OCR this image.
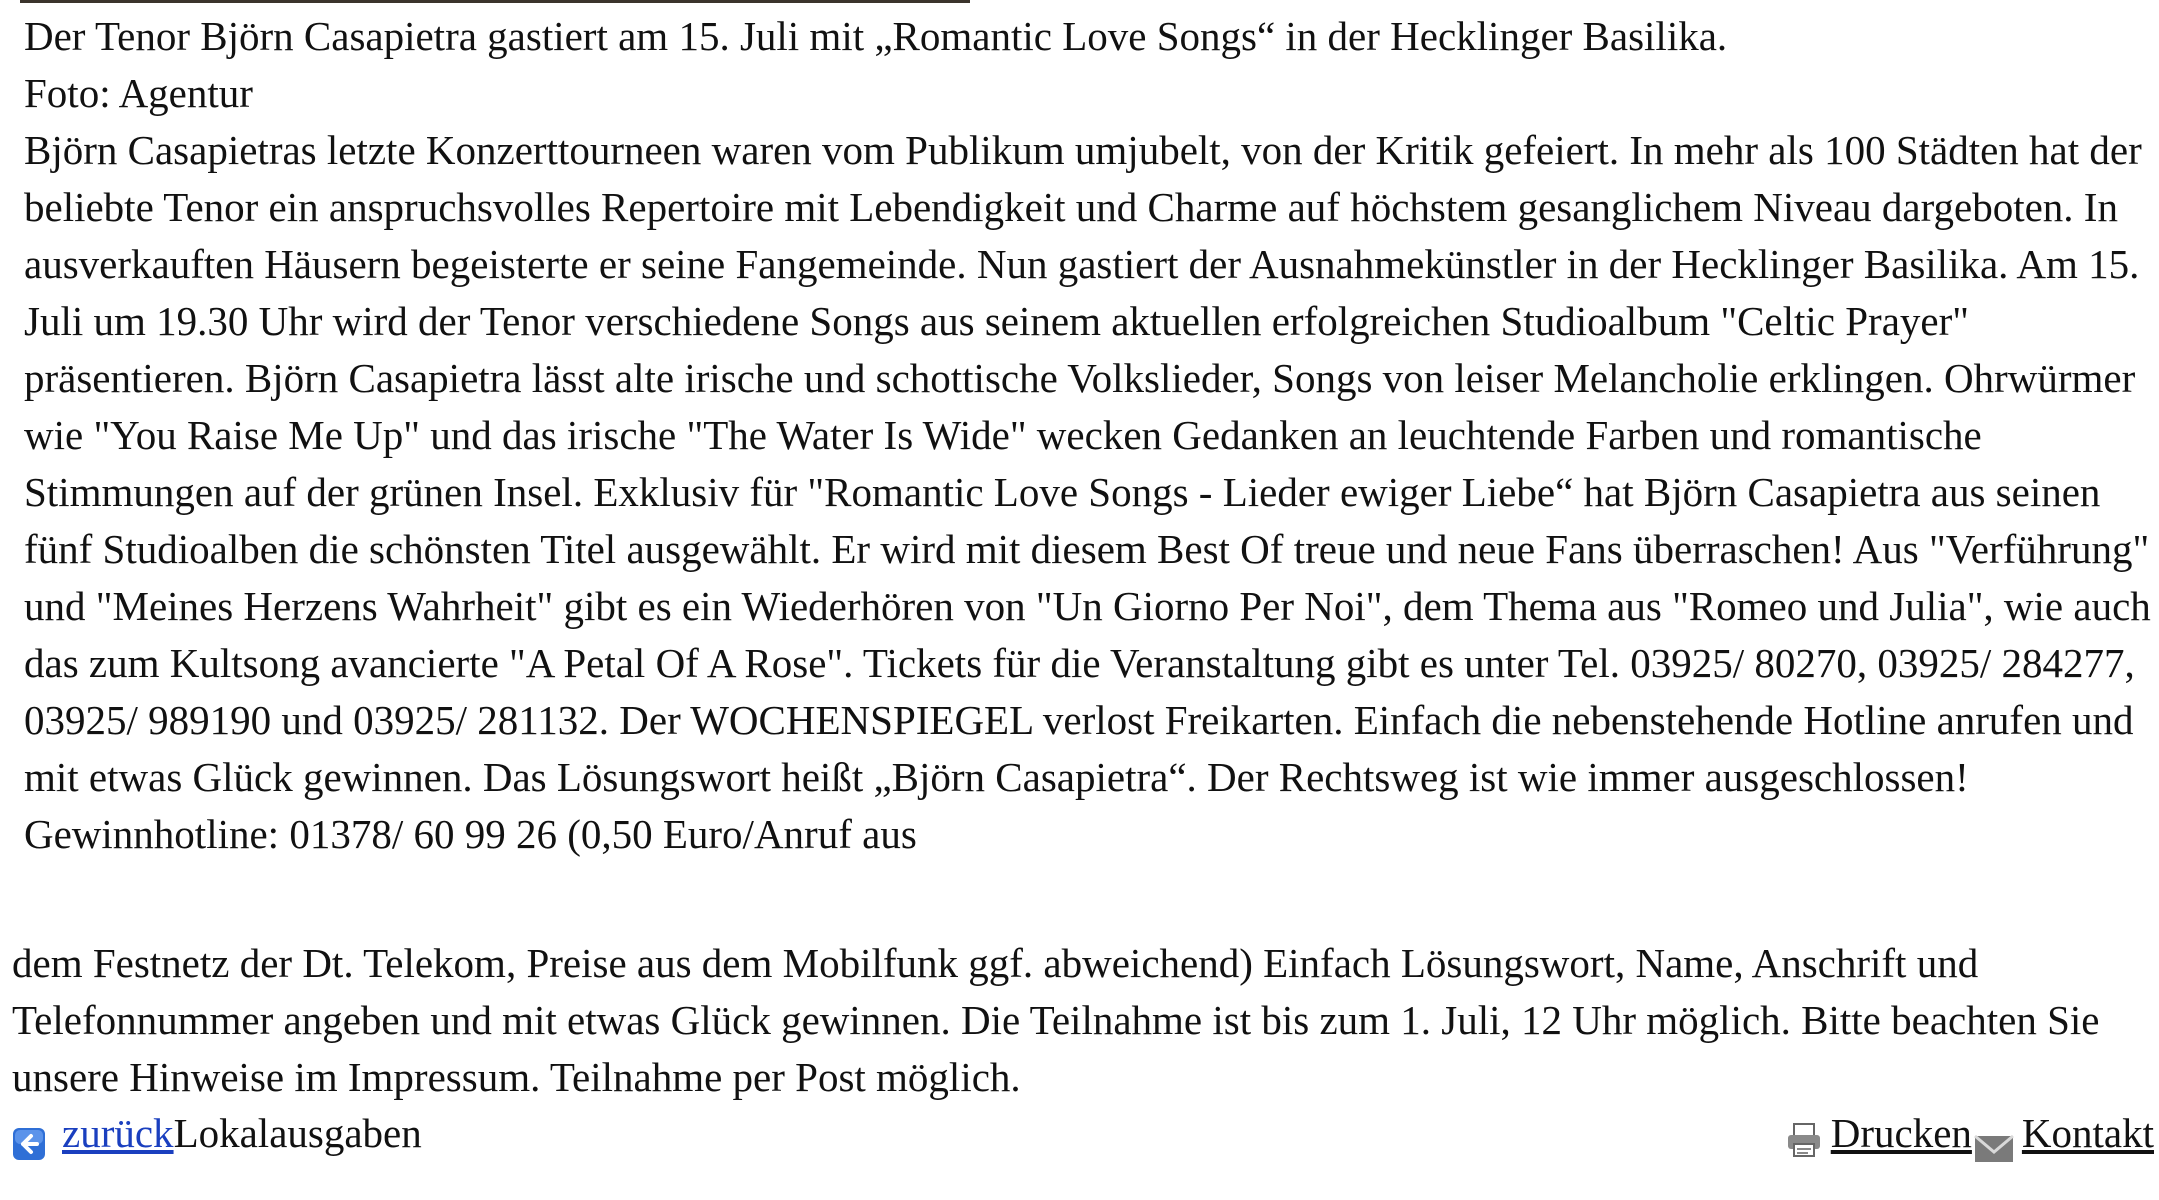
Der Tenor Björn Casapietra gastiert am 15. Juli mit „Romantic Love Songs“ in der Hecklinger Basilika.

Foto: Agentur

Björn Casapietras letzte Konzerttourneen waren vom Publikum umjubelt, von der Kritik gefeiert. In mehr als 100 Städten hat der beliebte Tenor ein anspruchsvolles Repertoire mit Lebendigkeit und Charme auf höchstem gesanglichem Niveau dargeboten. In ausverkauften Häusern begeisterte er seine Fangemeinde. Nun gastiert der Ausnahmekünstler in der Hecklinger Basilika. Am 15. Juli um 19.30 Uhr wird der Tenor verschiedene Songs aus seinem aktuellen erfolgreichen Studioalbum "Celtic Prayer" präsentieren. Björn Casapietra lässt alte irische und schottische Volkslieder, Songs von leiser Melancholie erklingen. Ohrwürmer wie "You Raise Me Up" und das irische "The Water Is Wide" wecken Gedanken an leuchtende Farben und romantische Stimmungen auf der grünen Insel. Exklusiv für "Romantic Love Songs - Lieder ewiger Liebe“ hat Björn Casapietra aus seinen fünf Studioalben die schönsten Titel ausgewählt. Er wird mit diesem Best Of treue und neue Fans überraschen! Aus "Verführung" und "Meines Herzens Wahrheit" gibt es ein Wiederhören von "Un Giorno Per Noi", dem Thema aus "Romeo und Julia", wie auch das zum Kultsong avancierte "A Petal Of A Rose". Tickets für die Veranstaltung gibt es unter Tel. 03925/ 80270, 03925/ 284277, 03925/ 989190 und 03925/ 281132. Der WOCHENSPIEGEL verlost Freikarten. Einfach die nebenstehende Hotline anrufen und mit etwas Glück gewinnen. Das Lösungswort heißt „Björn Casapietra“. Der Rechtsweg ist wie immer ausgeschlossen! Gewinnhotline: 01378/ 60 99 26 (0,50 Euro/Anruf aus

dem Festnetz der Dt. Telekom, Preise aus dem Mobilfunk ggf. abweichend) Einfach Lösungswort, Name, Anschrift und Telefonnummer angeben und mit etwas Glück gewinnen. Die Teilnahme ist bis zum 1. Juli, 12 Uhr möglich. Bitte beachten Sie unsere Hinweise im Impressum. Teilnahme per Post möglich.

zurück Lokalausgaben	Drucken Kontakt
